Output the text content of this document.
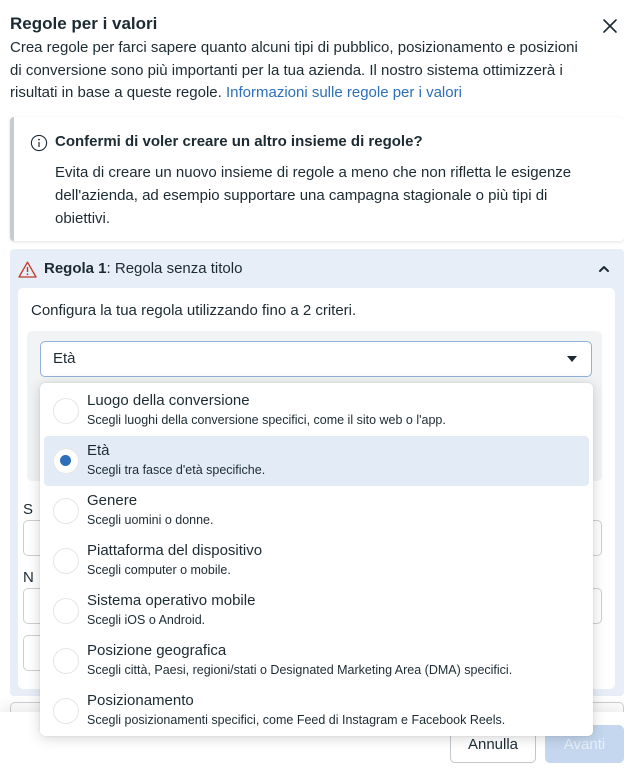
Regole per i valori
Crea regole per farci sapere quanto alcuni tipi di pubblico, posizionamento e posizioni di conversione sono più importanti per la tua azienda. Il nostro sistema ottimizzerà i risultati in base a queste regole. Informazioni sulle regole per i valori
Confermi di voler creare un altro insieme di regole?
Evita di creare un nuovo insieme di regole a meno che non rifletta le esigenze dell'azienda, ad esempio supportare una campagna stagionale o più tipi di obiettivi.
Regola 1: Regola senza titolo
Configura la tua regola utilizzando fino a 2 criteri.
Età
S
N
Annulla	Avanti
Luogo della conversione
Scegli luoghi della conversione specifici, come il sito web o l'app.
Età
Scegli tra fasce d'età specifiche.
Genere
Scegli uomini o donne.
Piattaforma del dispositivo
Scegli computer o mobile.
Sistema operativo mobile
Scegli iOS o Android.
Posizione geografica
Scegli città, Paesi, regioni/stati o Designated Marketing Area (DMA) specifici.
Posizionamento
Scegli posizionamenti specifici, come Feed di Instagram e Facebook Reels.
